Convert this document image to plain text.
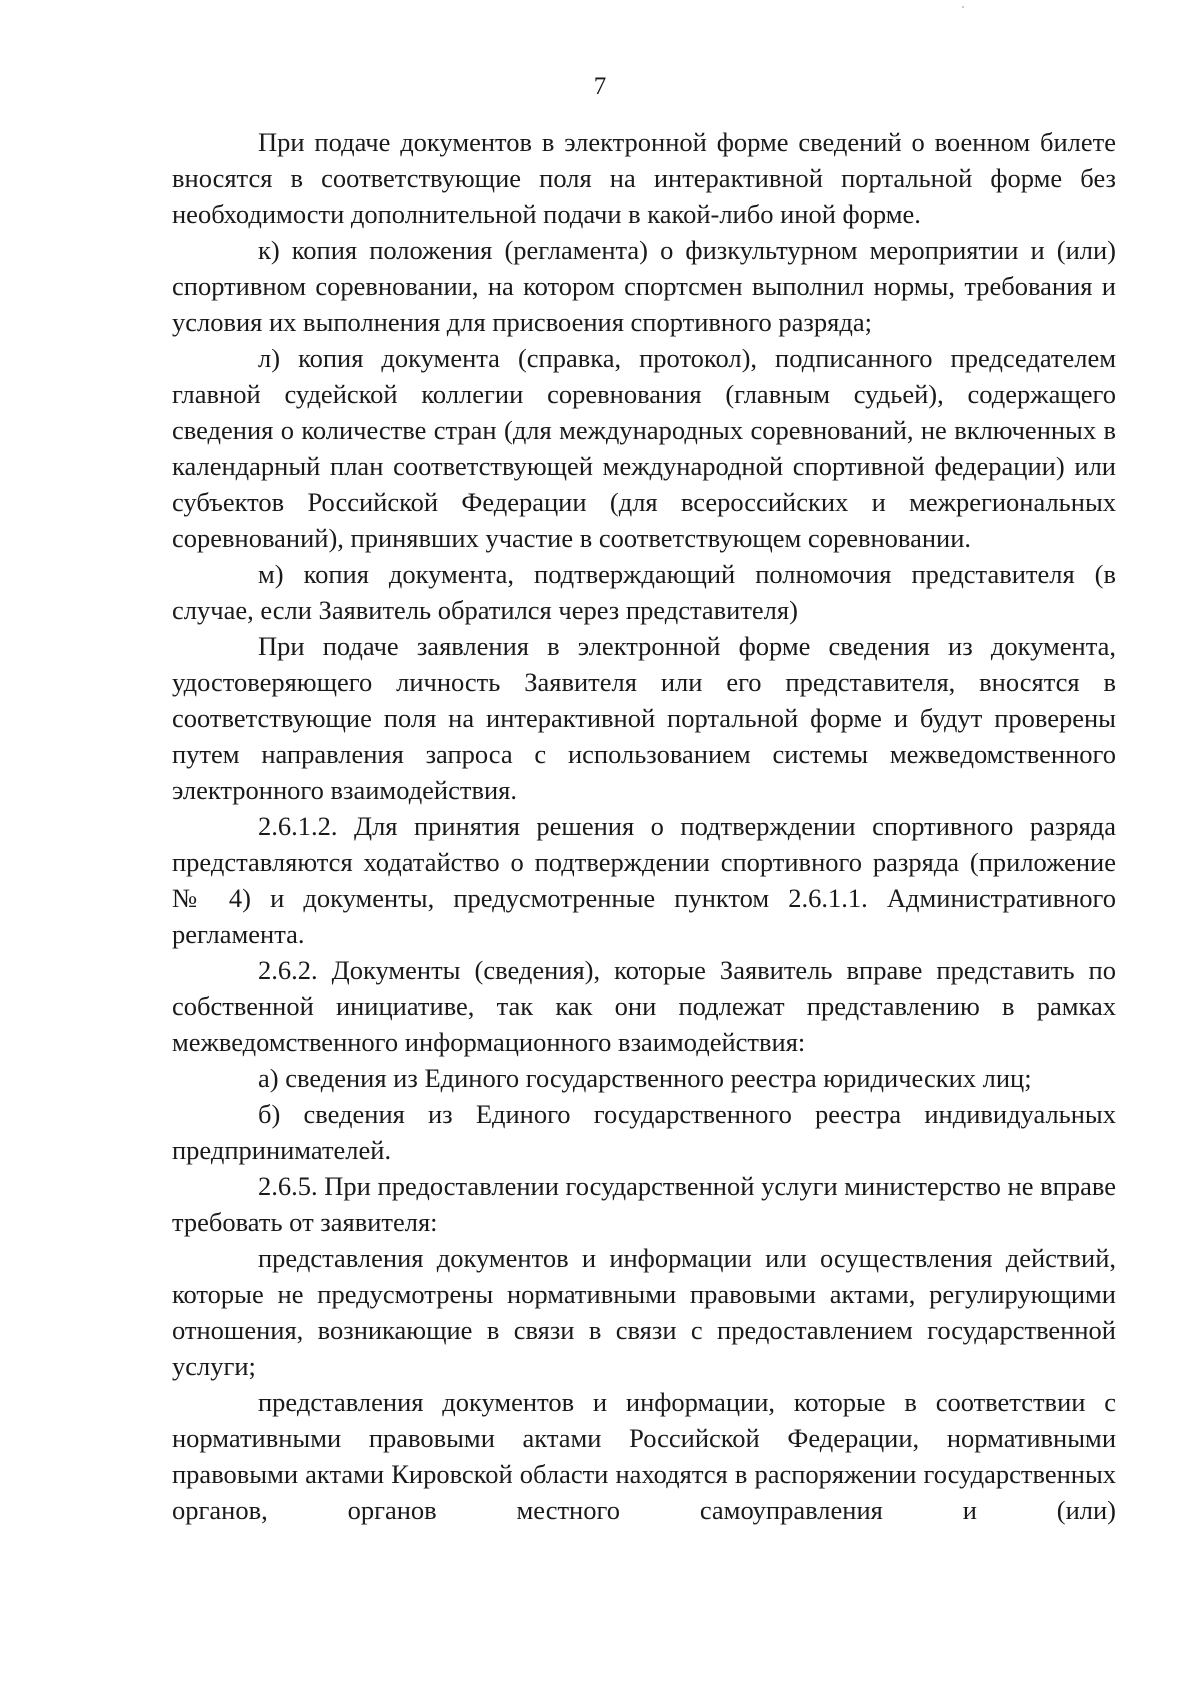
7

При подаче документов в электронной форме сведений о военном билете вносятся в соответствующие поля на интерактивной портальной форме без необходимости дополнительной подачи в какой-либо иной форме.

к) копия положения (регламента) о физкультурном мероприятии и (или) спортивном соревновании, на котором спортсмен выполнил нормы, требования и условия их выполнения для присвоения спортивного разряда;

л) копия документа (справка, протокол), подписанного председателем главной судейской коллегии соревнования (главным судьей), содержащего сведения о количестве стран (для международных соревнований, не включенных в календарный план соответствующей международной спортивной федерации) или субъектов Российской Федерации (для всероссийских и межрегиональных соревнований), принявших участие в соответствующем соревновании.

м) копия документа, подтверждающий полномочия представителя (в случае, если Заявитель обратился через представителя)

При подаче заявления в электронной форме сведения из документа, удостоверяющего личность Заявителя или его представителя, вносятся в соответствующие поля на интерактивной портальной форме и будут проверены путем направления запроса с использованием системы межведомственного электронного взаимодействия.

2.6.1.2. Для принятия решения о подтверждении спортивного разряда представляются ходатайство о подтверждении спортивного разряда (приложение № 4) и документы, предусмотренные пунктом 2.6.1.1. Административного регламента.

2.6.2. Документы (сведения), которые Заявитель вправе представить по собственной инициативе, так как они подлежат представлению в рамках межведомственного информационного взаимодействия:

а) сведения из Единого государственного реестра юридических лиц;

б) сведения из Единого государственного реестра индивидуальных предпринимателей.

2.6.5. При предоставлении государственной услуги министерство не вправе требовать от заявителя:

представления документов и информации или осуществления действий, которые не предусмотрены нормативными правовыми актами, регулирующими отношения, возникающие в связи в связи с предоставлением государственной услуги;

представления документов и информации, которые в соответствии с нормативными правовыми актами Российской Федерации, нормативными правовыми актами Кировской области находятся в распоряжении государственных органов, органов местного самоуправления и (или)
